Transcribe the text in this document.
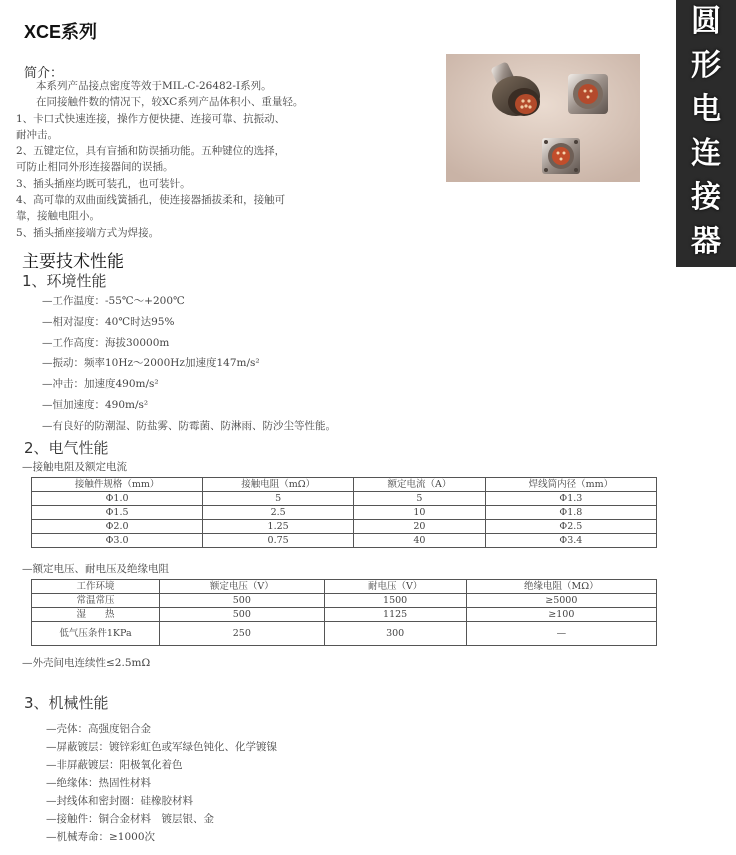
XCE系列
简介：
本系列产品接点密度等效于MIL-C-26482-Ⅰ系列。
在同接触件数的情况下，较XC系列产品体积小、重量轻。
1、卡口式快速连接，操作方便快捷、连接可靠、抗振动、
耐冲击。
2、五键定位，具有盲插和防误插功能。五种键位的选择，
可防止相同外形连接器间的误插。
3、插头插座均既可装孔，也可装针。
4、高可靠的双曲面线簧插孔，使连接器插拔柔和，接触可
靠，接触电阻小。
5、插头插座接端方式为焊接。
圆
形
电
连
接
器
主要技术性能
1、环境性能
—工作温度：-55℃～+200℃
—相对湿度：40℃时达95%
—工作高度：海拔30000m
—振动：频率10Hz～2000Hz加速度147m/s²
—冲击：加速度490m/s²
—恒加速度：490m/s²
—有良好的防潮湿、防盐雾、防霉菌、防淋雨、防沙尘等性能。
2、电气性能
—接触电阻及额定电流
接触件规格（mm）	接触电阻（mΩ）	额定电流（A）	焊线筒内径（mm）
Φ1.0	5	5	Φ1.3
Φ1.5	2.5	10	Φ1.8
Φ2.0	1.25	20	Φ2.5
Φ3.0	0.75	40	Φ3.4
—额定电压、耐电压及绝缘电阻
工作环境	额定电压（V）	耐电压（V）	绝缘电阻（MΩ）
常温常压	500	1500	≥5000
湿　　热	500	1125	≥100
低气压条件1KPa	250	300	—
—外壳间电连续性≤2.5mΩ
3、机械性能
—壳体：高强度铝合金
—屏蔽镀层：镀锌彩虹色或军绿色钝化、化学镀镍
—非屏蔽镀层：阳极氧化着色
—绝缘体：热固性材料
—封线体和密封圈：硅橡胶材料
—接触件：铜合金材料　镀层银、金
—机械寿命：≥1000次
